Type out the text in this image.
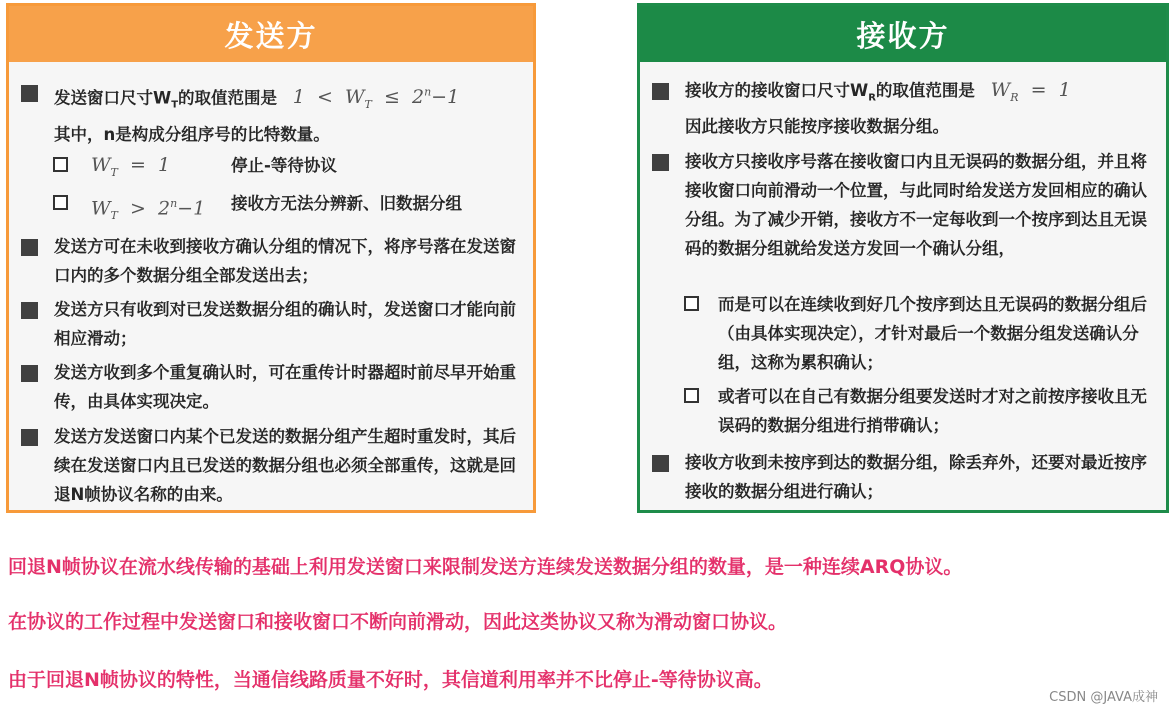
发送方
发送窗口尺寸$W_T$的取值范围是 $1 < W_T \le 2^n-1$
其中，n是构成分组序号的比特数量。
$W_T = 1$	停止-等待协议
$W_T > 2^n-1$ 接收方无法分辨新、旧数据分组
发送方可在未收到接收方确认分组的情况下，将序号落在发送窗口内的多个数据分组全部发送出去；
发送方只有收到对已发送数据分组的确认时，发送窗口才能向前相应滑动；
发送方收到多个重复确认时，可在重传计时器超时前尽早开始重传，由具体实现决定。
发送方发送窗口内某个已发送的数据分组产生超时重发时，其后续在发送窗口内且已发送的数据分组也必须全部重传，这就是回退N帧协议名称的由来。
接收方
接收方的接收窗口尺寸$W_R$的取值范围是 $W_R = 1$
因此接收方只能按序接收数据分组。
接收方只接收序号落在接收窗口内且无误码的数据分组，并且将接收窗口向前滑动一个位置，与此同时给发送方发回相应的确认分组。为了减少开销，接收方不一定每收到一个按序到达且无误码的数据分组就给发送方发回一个确认分组，
而是可以在连续收到好几个按序到达且无误码的数据分组后（由具体实现决定），才针对最后一个数据分组发送确认分组，这称为累积确认；
或者可以在自己有数据分组要发送时才对之前按序接收且无误码的数据分组进行捎带确认；
接收方收到未按序到达的数据分组，除丢弃外，还要对最近按序接收的数据分组进行确认；
回退N帧协议在流水线传输的基础上利用发送窗口来限制发送方连续发送数据分组的数量，是一种连续ARQ协议。
在协议的工作过程中发送窗口和接收窗口不断向前滑动，因此这类协议又称为滑动窗口协议。
由于回退N帧协议的特性，当通信线路质量不好时，其信道利用率并不比停止-等待协议高。
CSDN @JAVA成神
